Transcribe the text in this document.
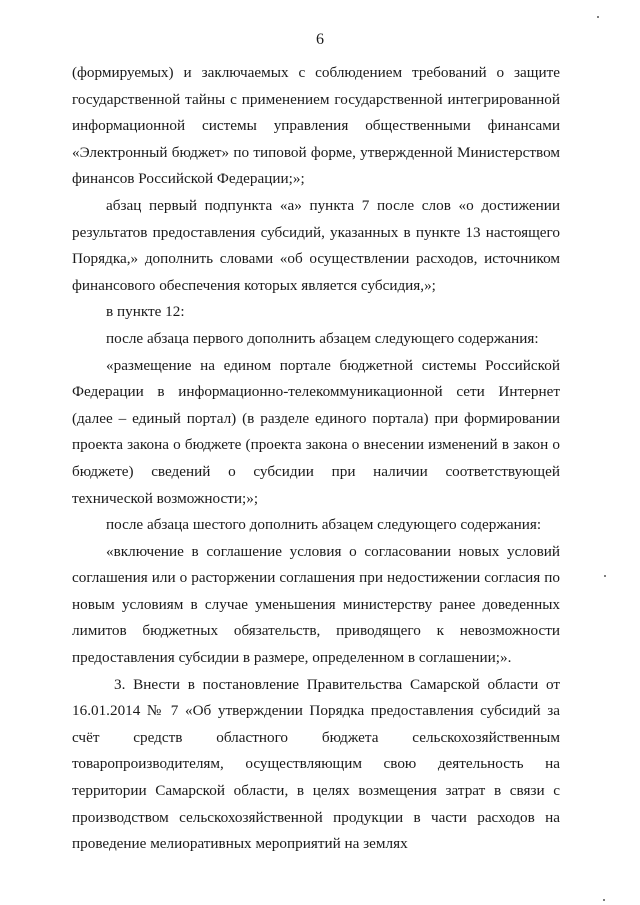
6

(формируемых) и заключаемых с соблюдением требований о защите государственной тайны с применением государственной интегрированной информационной системы управления общественными финансами «Электронный бюджет» по типовой форме, утвержденной Министерством финансов Российской Федерации;»;

абзац первый подпункта «а» пункта 7 после слов «о достижении результатов предоставления субсидий, указанных в пункте 13 настоящего Порядка,» дополнить словами «об осуществлении расходов, источником финансового обеспечения которых является субсидия,»;

в пункте 12:

после абзаца первого дополнить абзацем следующего содержания:

«размещение на едином портале бюджетной системы Российской Федерации в информационно-телекоммуникационной сети Интернет (далее – единый портал) (в разделе единого портала) при формировании проекта закона о бюджете (проекта закона о внесении изменений в закон о бюджете) сведений о субсидии при наличии соответствующей технической возможности;»;

после абзаца шестого дополнить абзацем следующего содержания:

«включение в соглашение условия о согласовании новых условий соглашения или о расторжении соглашения при недостижении согласия по новым условиям в случае уменьшения министерству ранее доведенных лимитов бюджетных обязательств, приводящего к невозможности предоставления субсидии в размере, определенном в соглашении;».

3. Внести в постановление Правительства Самарской области от 16.01.2014 № 7 «Об утверждении Порядка предоставления субсидий за счёт средств областного бюджета сельскохозяйственным товаропроизводителям, осуществляющим свою деятельность на территории Самарской области, в целях возмещения затрат в связи с производством сельскохозяйственной продукции в части расходов на проведение мелиоративных мероприятий на землях
